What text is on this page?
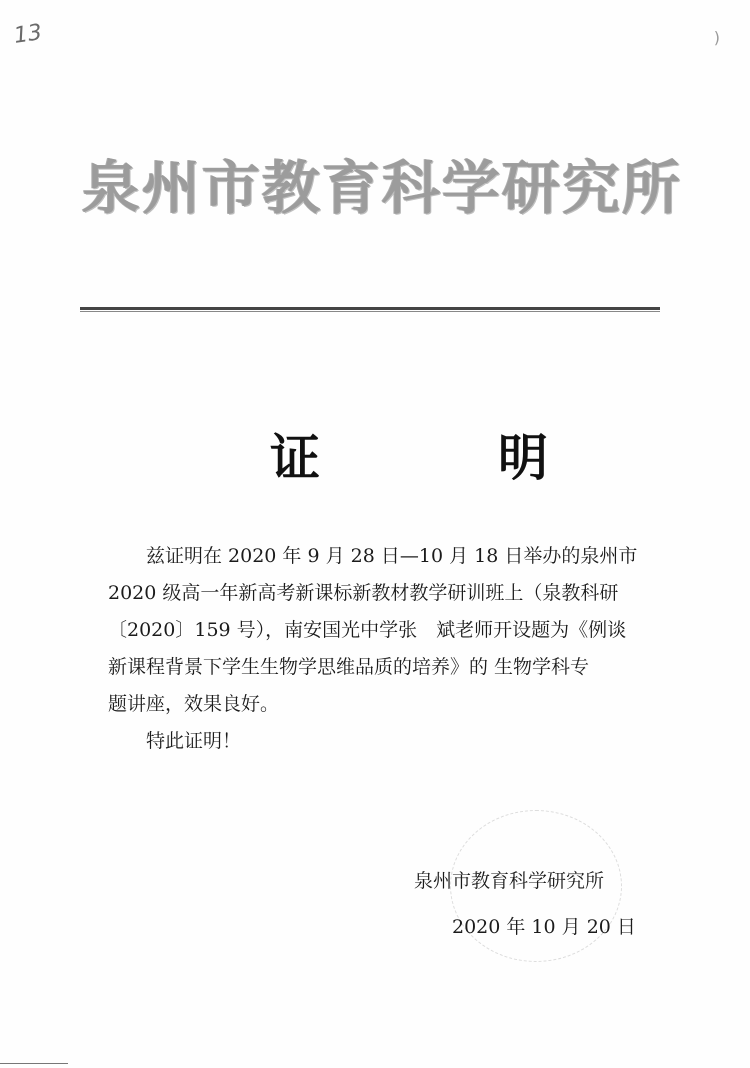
13	)
泉州市教育科学研究所
证　明
兹证明在 2020 年 9 月 28 日—10 月 18 日举办的泉州市
2020 级高一年新高考新课标新教材教学研训班上（泉教科研
〔2020〕159 号），南安国光中学张　斌老师开设题为《例谈
新课程背景下学生生物学思维品质的培养》的 生物学科专
题讲座，效果良好。
特此证明！
泉州市教育科学研究所
2020 年 10 月 20 日
